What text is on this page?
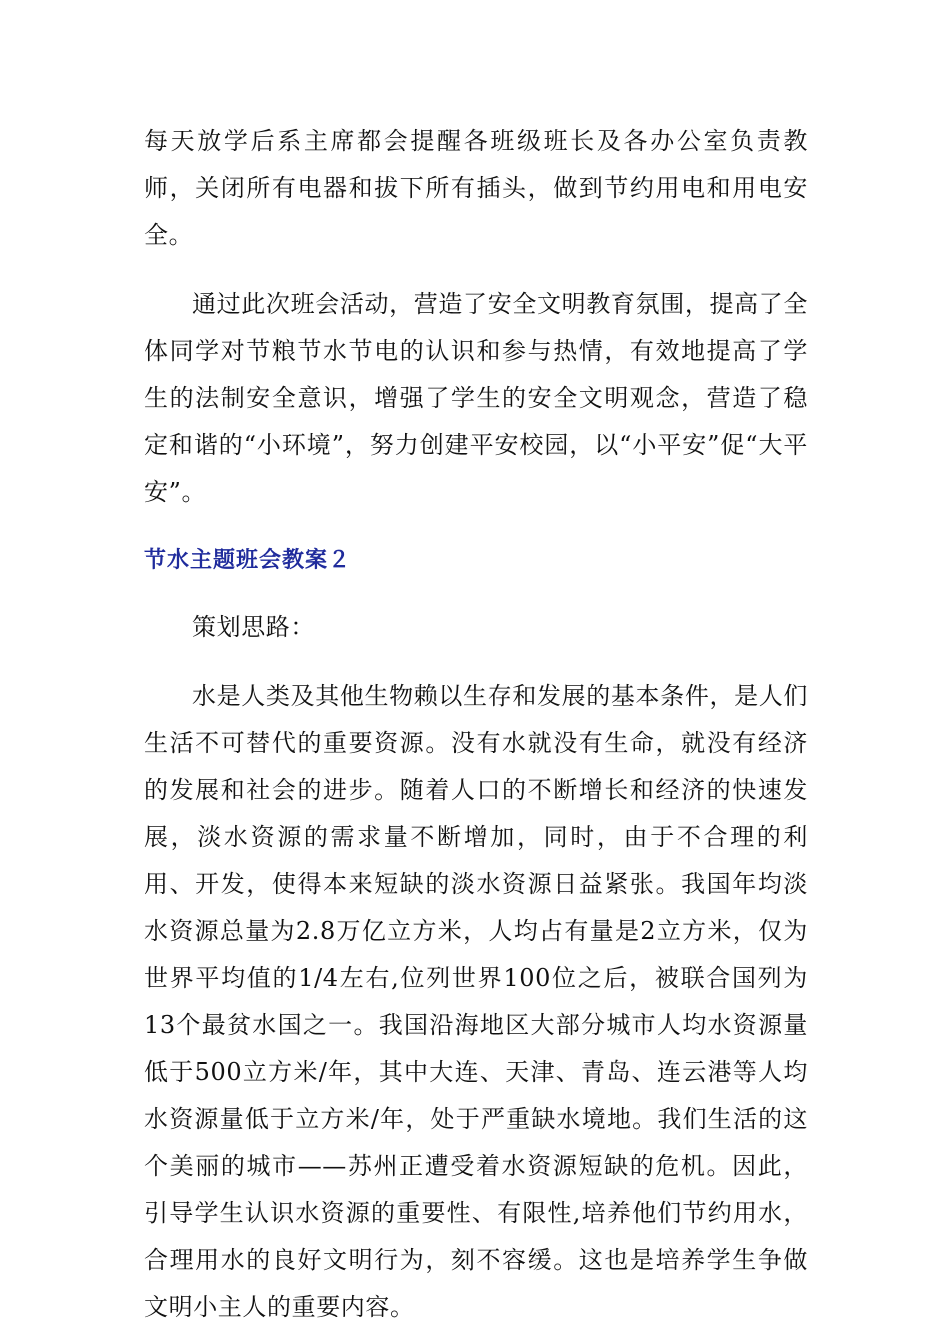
每天放学后系主席都会提醒各班级班长及各办公室负责教师，关闭所有电器和拔下所有插头，做到节约用电和用电安全。

通过此次班会活动，营造了安全文明教育氛围，提高了全体同学对节粮节水节电的认识和参与热情，有效地提高了学生的法制安全意识，增强了学生的安全文明观念，营造了稳定和谐的“小环境”，努力创建平安校园，以“小平安”促“大平安”。

节水主题班会教案２

策划思路：

水是人类及其他生物赖以生存和发展的基本条件，是人们生活不可替代的重要资源。没有水就没有生命，就没有经济的发展和社会的进步。随着人口的不断增长和经济的快速发展，淡水资源的需求量不断增加，同时，由于不合理的利用、开发，使得本来短缺的淡水资源日益紧张。我国年均淡水资源总量为2.8万亿立方米，人均占有量是2立方米，仅为世界平均值的1/4左右,位列世界100位之后，被联合国列为13个最贫水国之一。我国沿海地区大部分城市人均水资源量低于500立方米/年，其中大连、天津、青岛、连云港等人均水资源量低于立方米/年，处于严重缺水境地。我们生活的这个美丽的城市——苏州正遭受着水资源短缺的危机。因此，引导学生认识水资源的重要性、有限性,培养他们节约用水，合理用水的良好文明行为，刻不容缓。这也是培养学生争做文明小主人的重要内容。
